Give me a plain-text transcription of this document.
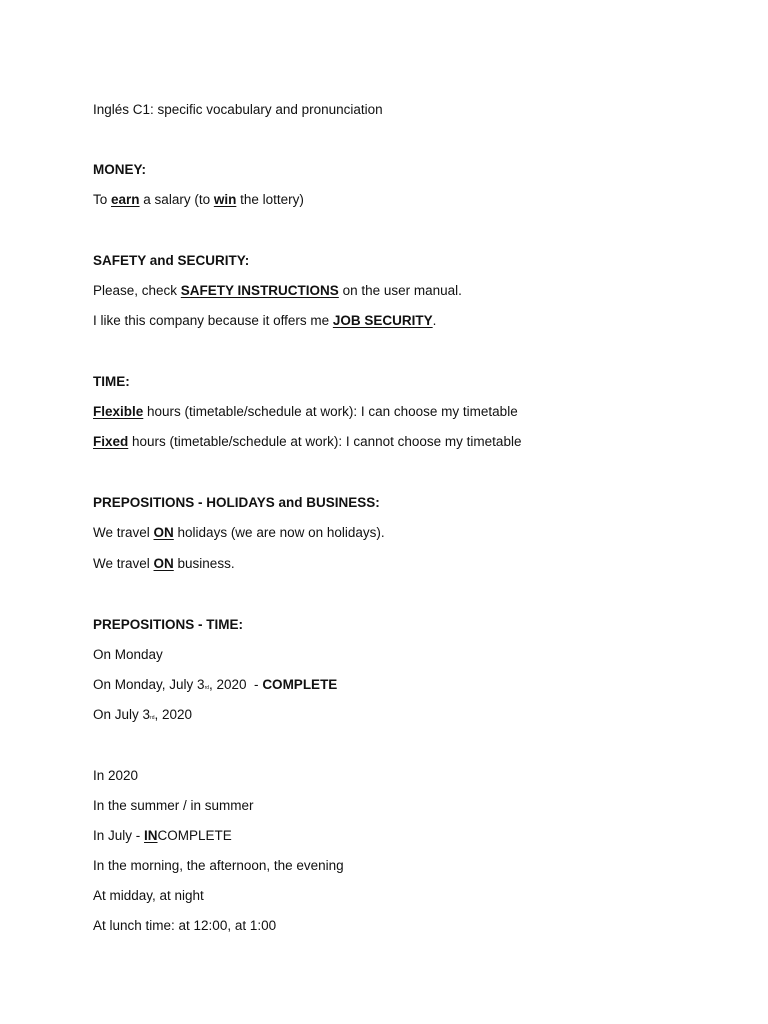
Inglés C1: specific vocabulary and pronunciation
MONEY:
To earn a salary (to win the lottery)
SAFETY and SECURITY:
Please, check SAFETY INSTRUCTIONS on the user manual.
I like this company because it offers me JOB SECURITY.
TIME:
Flexible hours (timetable/schedule at work): I can choose my timetable
Fixed hours (timetable/schedule at work): I cannot choose my timetable
PREPOSITIONS - HOLIDAYS and BUSINESS:
We travel ON holidays (we are now on holidays).
We travel ON business.
PREPOSITIONS - TIME:
On Monday
On Monday, July 3rd, 2020  - COMPLETE
On July 3rd, 2020
In 2020
In the summer / in summer
In July - INCOMPLETE
In the morning, the afternoon, the evening
At midday, at night
At lunch time: at 12:00, at 1:00
